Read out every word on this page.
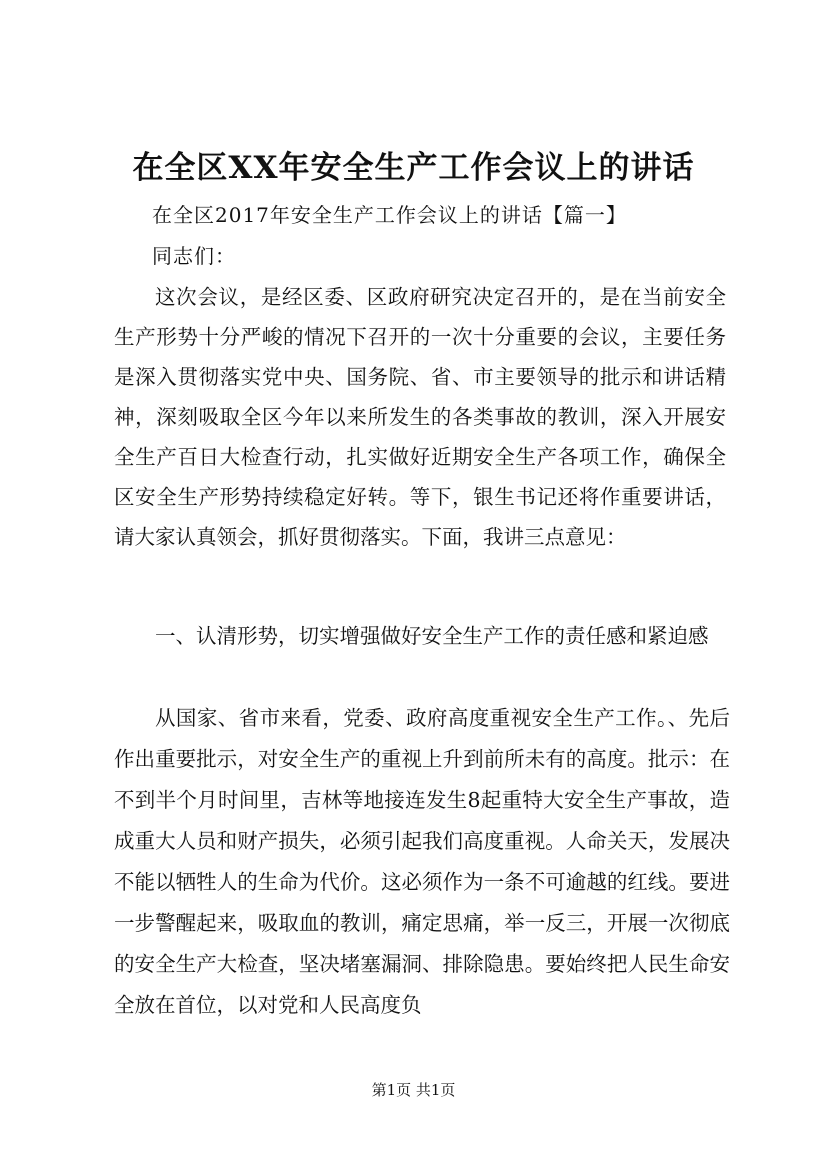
在全区XX年安全生产工作会议上的讲话
在全区2017年安全生产工作会议上的讲话【篇一】
同志们：

这次会议，是经区委、区政府研究决定召开的，是在当前安全生产形势十分严峻的情况下召开的一次十分重要的会议，主要任务是深入贯彻落实党中央、国务院、省、市主要领导的批示和讲话精神，深刻吸取全区今年以来所发生的各类事故的教训，深入开展安全生产百日大检查行动，扎实做好近期安全生产各项工作，确保全区安全生产形势持续稳定好转。等下，银生书记还将作重要讲话，请大家认真领会，抓好贯彻落实。下面，我讲三点意见：

一、认清形势，切实增强做好安全生产工作的责任感和紧迫感

从国家、省市来看，党委、政府高度重视安全生产工作。、先后作出重要批示，对安全生产的重视上升到前所未有的高度。批示：在不到半个月时间里，吉林等地接连发生8起重特大安全生产事故，造成重大人员和财产损失，必须引起我们高度重视。人命关天，发展决不能以牺牲人的生命为代价。这必须作为一条不可逾越的红线。要进一步警醒起来，吸取血的教训，痛定思痛，举一反三，开展一次彻底的安全生产大检查，坚决堵塞漏洞、排除隐患。要始终把人民生命安全放在首位，以对党和人民高度负

第1页 共1页
